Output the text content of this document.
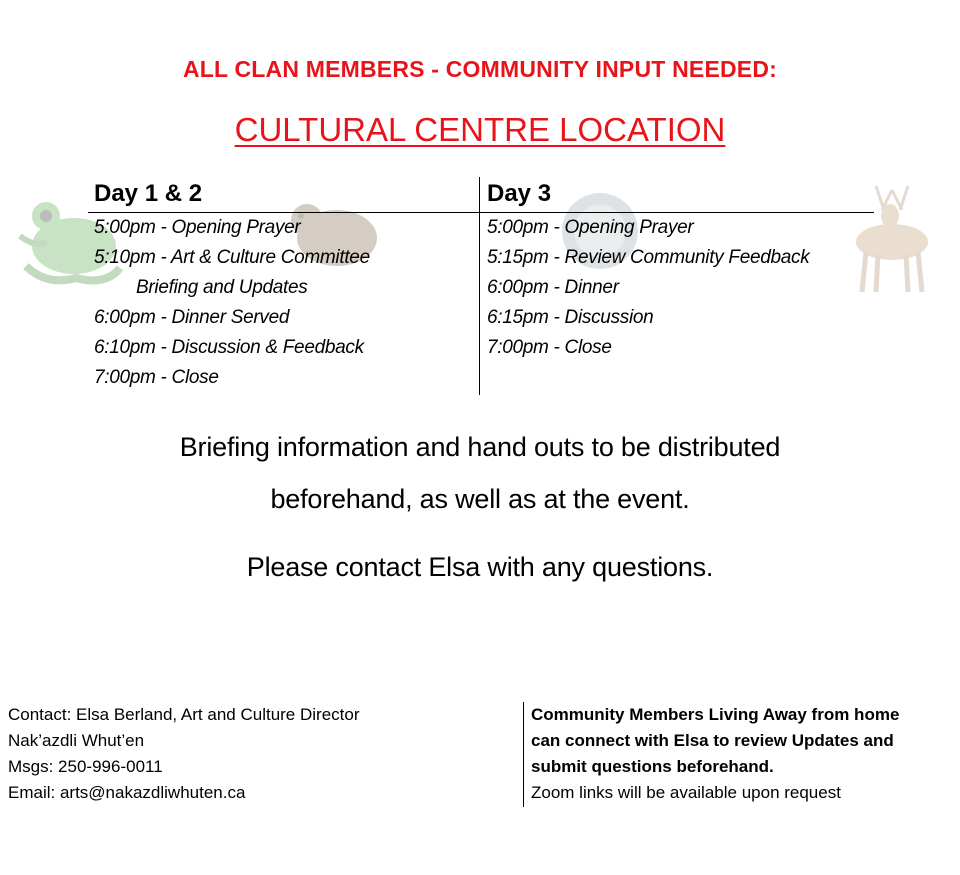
ALL CLAN MEMBERS - COMMUNITY INPUT NEEDED:
CULTURAL CENTRE LOCATION
Day 1 & 2
5:00pm - Opening Prayer
5:10pm - Art & Culture Committee
Briefing and Updates
6:00pm - Dinner Served
6:10pm - Discussion & Feedback
7:00pm - Close
Day 3
5:00pm - Opening Prayer
5:15pm - Review Community Feedback
6:00pm - Dinner
6:15pm - Discussion
7:00pm - Close
Briefing information and hand outs to be distributed
beforehand, as well as at the event.
Please contact Elsa with any questions.
Contact: Elsa Berland, Art and Culture Director
Nak’azdli Whut’en
Msgs: 250-996-0011
Email: arts@nakazdliwhuten.ca
Community Members Living Away from home
can connect with Elsa to review Updates and
submit questions beforehand.
Zoom links will be available upon request
